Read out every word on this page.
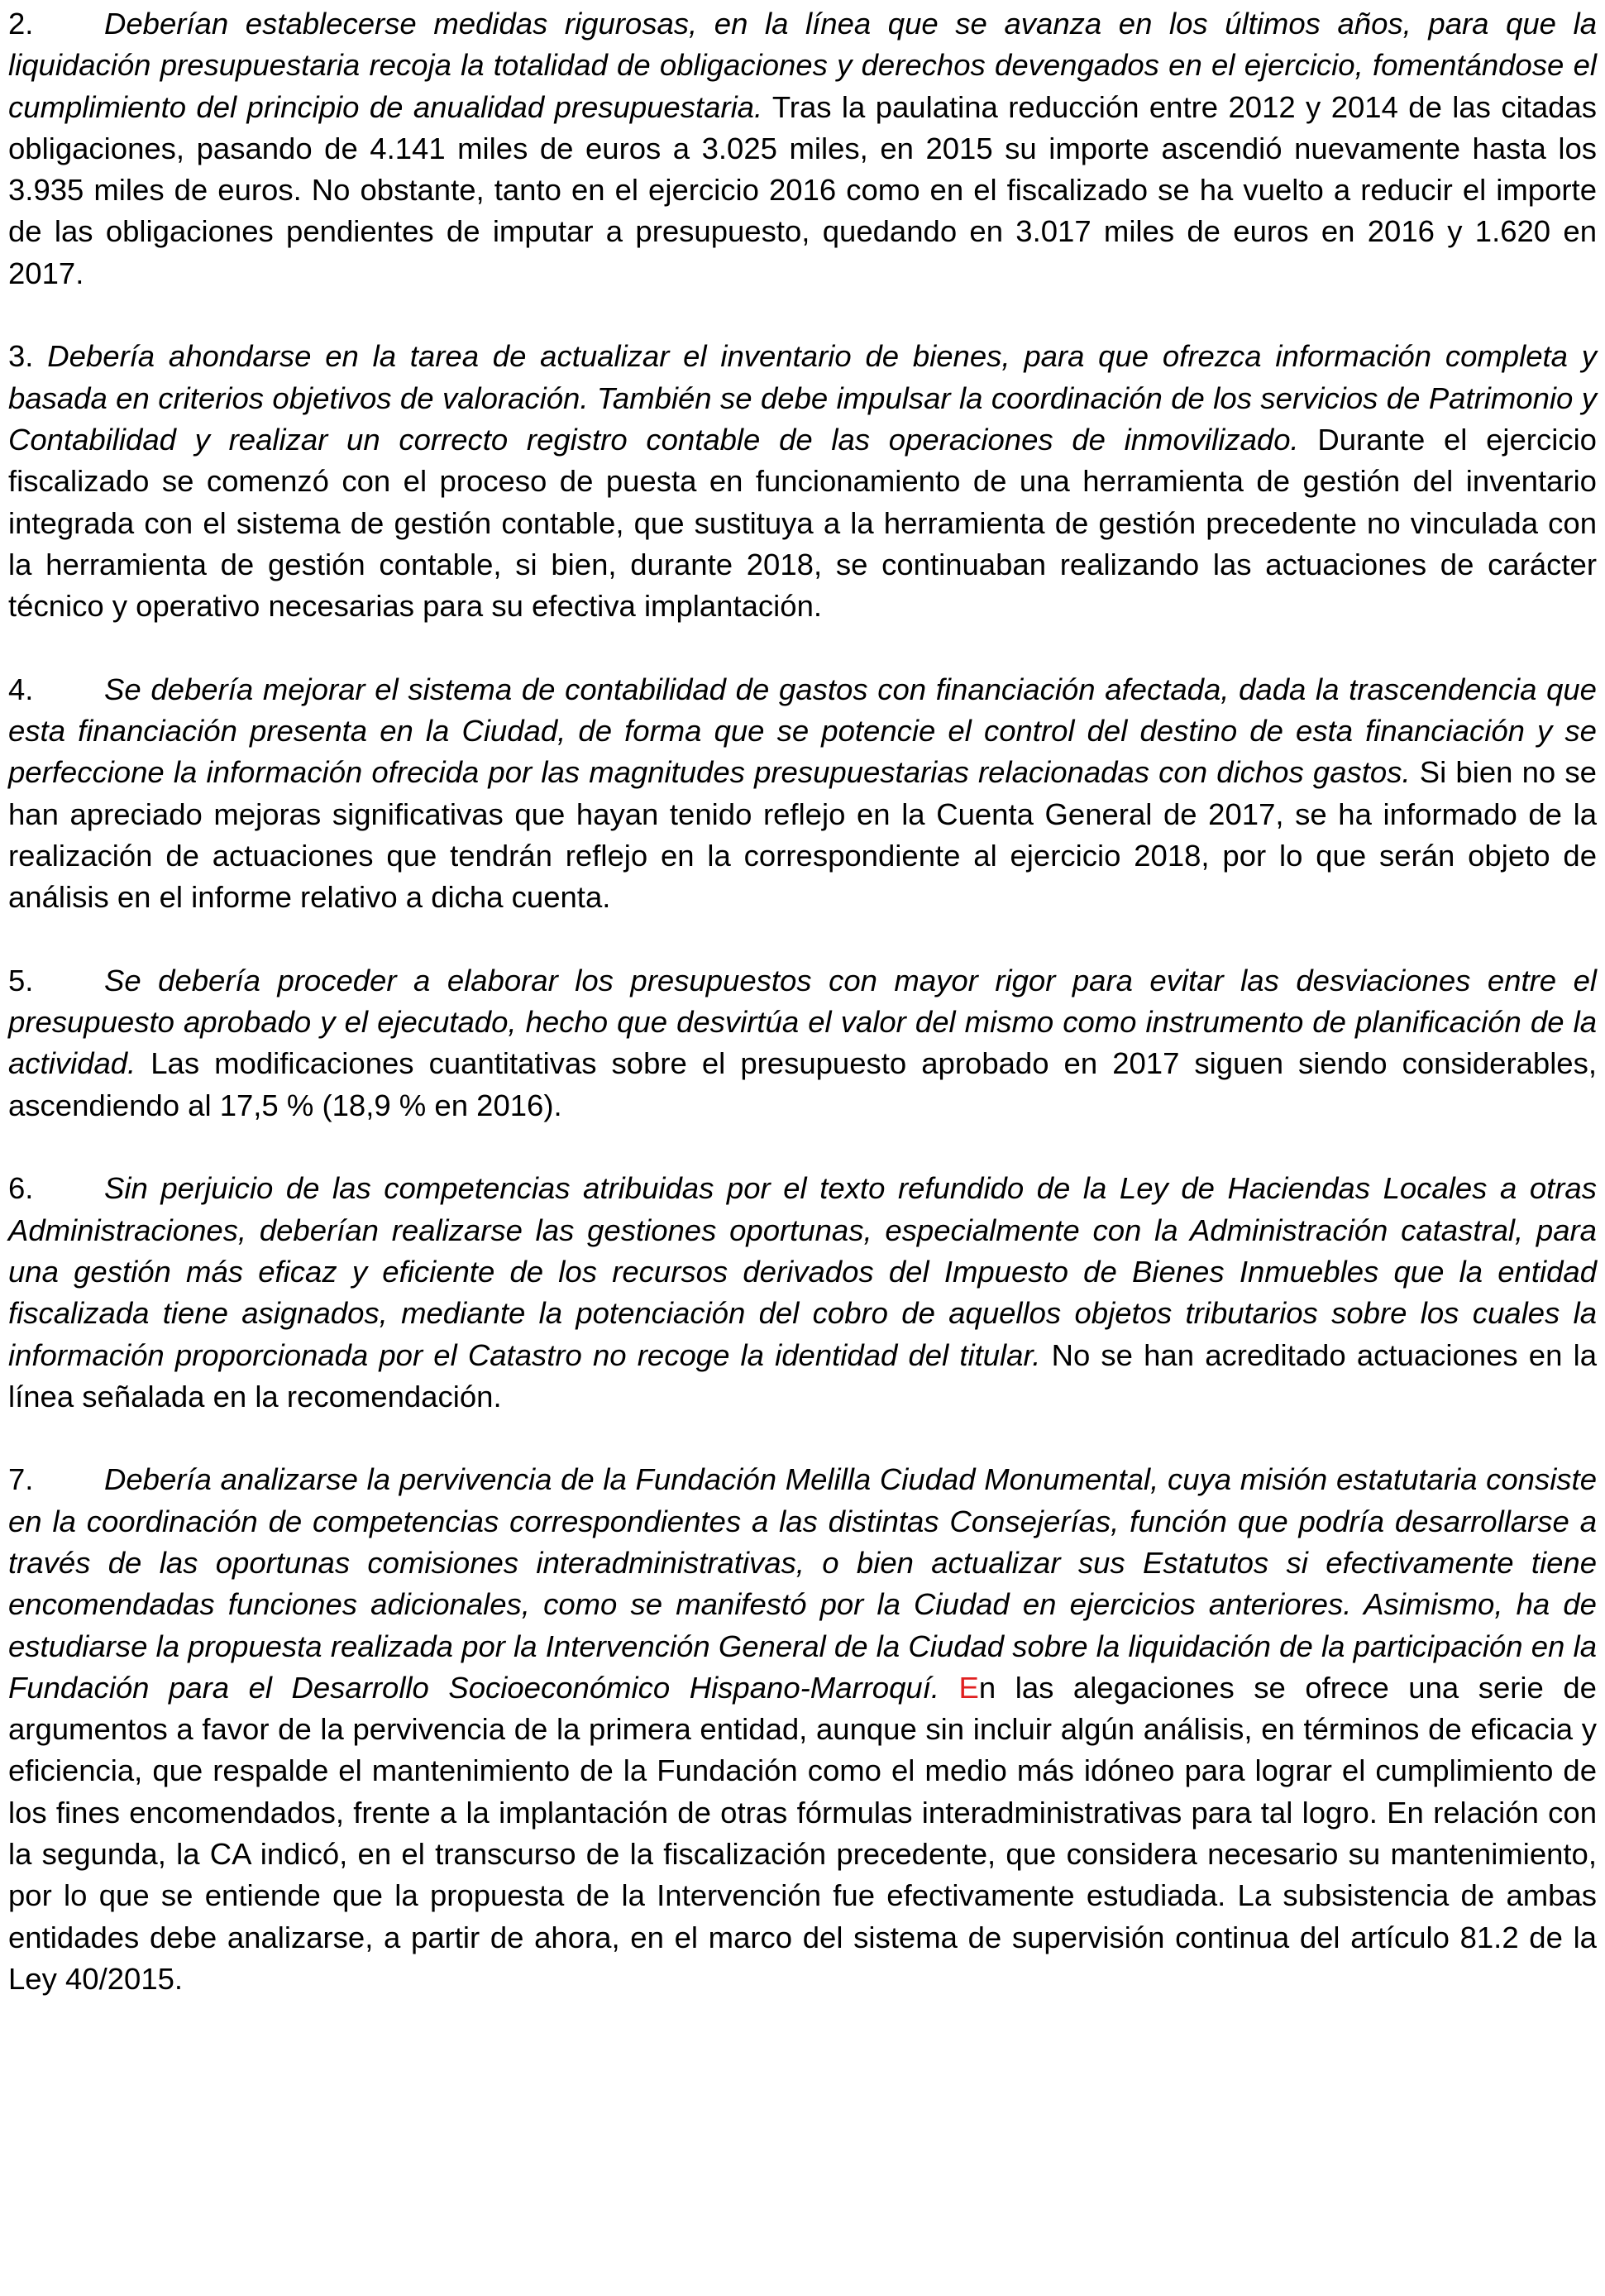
2. Deberían establecerse medidas rigurosas, en la línea que se avanza en los últimos años, para que la liquidación presupuestaria recoja la totalidad de obligaciones y derechos devengados en el ejercicio, fomentándose el cumplimiento del principio de anualidad presupuestaria. Tras la paulatina reducción entre 2012 y 2014 de las citadas obligaciones, pasando de 4.141 miles de euros a 3.025 miles, en 2015 su importe ascendió nuevamente hasta los 3.935 miles de euros. No obstante, tanto en el ejercicio 2016 como en el fiscalizado se ha vuelto a reducir el importe de las obligaciones pendientes de imputar a presupuesto, quedando en 3.017 miles de euros en 2016 y 1.620 en 2017.

3. Debería ahondarse en la tarea de actualizar el inventario de bienes, para que ofrezca información completa y basada en criterios objetivos de valoración. También se debe impulsar la coordinación de los servicios de Patrimonio y Contabilidad y realizar un correcto registro contable de las operaciones de inmovilizado. Durante el ejercicio fiscalizado se comenzó con el proceso de puesta en funcionamiento de una herramienta de gestión del inventario integrada con el sistema de gestión contable, que sustituya a la herramienta de gestión precedente no vinculada con la herramienta de gestión contable, si bien, durante 2018, se continuaban realizando las actuaciones de carácter técnico y operativo necesarias para su efectiva implantación.

4. Se debería mejorar el sistema de contabilidad de gastos con financiación afectada, dada la trascendencia que esta financiación presenta en la Ciudad, de forma que se potencie el control del destino de esta financiación y se perfeccione la información ofrecida por las magnitudes presupuestarias relacionadas con dichos gastos. Si bien no se han apreciado mejoras significativas que hayan tenido reflejo en la Cuenta General de 2017, se ha informado de la realización de actuaciones que tendrán reflejo en la correspondiente al ejercicio 2018, por lo que serán objeto de análisis en el informe relativo a dicha cuenta.

5. Se debería proceder a elaborar los presupuestos con mayor rigor para evitar las desviaciones entre el presupuesto aprobado y el ejecutado, hecho que desvirtúa el valor del mismo como instrumento de planificación de la actividad. Las modificaciones cuantitativas sobre el presupuesto aprobado en 2017 siguen siendo considerables, ascendiendo al 17,5 % (18,9 % en 2016).

6. Sin perjuicio de las competencias atribuidas por el texto refundido de la Ley de Haciendas Locales a otras Administraciones, deberían realizarse las gestiones oportunas, especialmente con la Administración catastral, para una gestión más eficaz y eficiente de los recursos derivados del Impuesto de Bienes Inmuebles que la entidad fiscalizada tiene asignados, mediante la potenciación del cobro de aquellos objetos tributarios sobre los cuales la información proporcionada por el Catastro no recoge la identidad del titular. No se han acreditado actuaciones en la línea señalada en la recomendación.

7. Debería analizarse la pervivencia de la Fundación Melilla Ciudad Monumental, cuya misión estatutaria consiste en la coordinación de competencias correspondientes a las distintas Consejerías, función que podría desarrollarse a través de las oportunas comisiones interadministrativas, o bien actualizar sus Estatutos si efectivamente tiene encomendadas funciones adicionales, como se manifestó por la Ciudad en ejercicios anteriores. Asimismo, ha de estudiarse la propuesta realizada por la Intervención General de la Ciudad sobre la liquidación de la participación en la Fundación para el Desarrollo Socioeconómico Hispano-Marroquí. En las alegaciones se ofrece una serie de argumentos a favor de la pervivencia de la primera entidad, aunque sin incluir algún análisis, en términos de eficacia y eficiencia, que respalde el mantenimiento de la Fundación como el medio más idóneo para lograr el cumplimiento de los fines encomendados, frente a la implantación de otras fórmulas interadministrativas para tal logro. En relación con la segunda, la CA indicó, en el transcurso de la fiscalización precedente, que considera necesario su mantenimiento, por lo que se entiende que la propuesta de la Intervención fue efectivamente estudiada. La subsistencia de ambas entidades debe analizarse, a partir de ahora, en el marco del sistema de supervisión continua del artículo 81.2 de la Ley 40/2015.
